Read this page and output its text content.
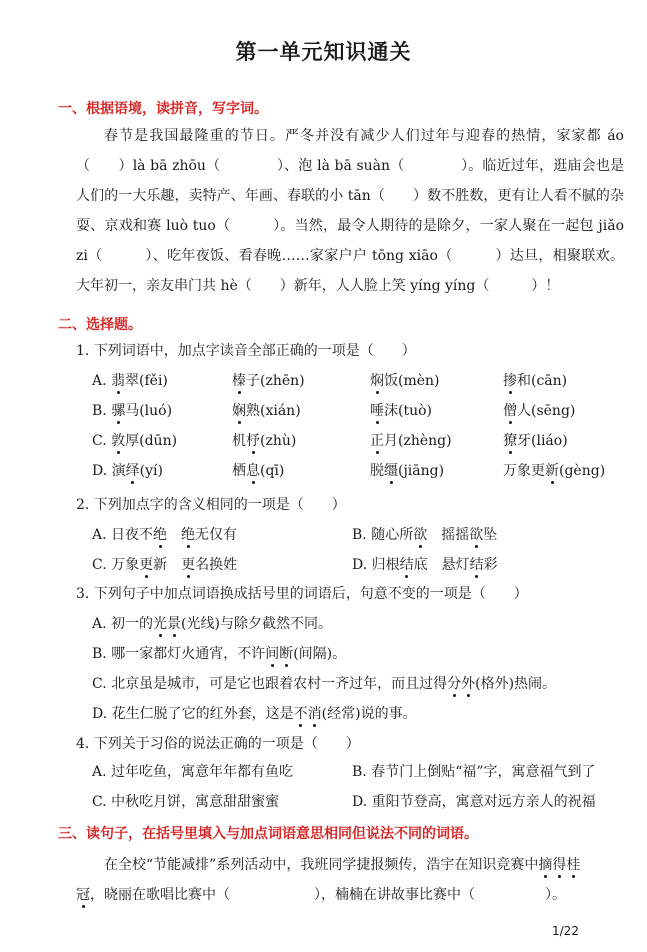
第一单元知识通关
一、根据语境，读拼音，写字词。
春节是我国最隆重的节日。严冬并没有减少人们过年与迎春的热情，家家都 áo（　　）là bā zhōu（　　　　）、泡 là bā suàn（　　　　）。临近过年，逛庙会也是人们的一大乐趣，卖特产、年画、春联的小 tān（　　）数不胜数，更有让人看不腻的杂耍、京戏和赛 luò tuo（　　　）。当然，最令人期待的是除夕，一家人聚在一起包 jiǎo zi（　　　）、吃年夜饭、看春晚……家家户户 tōng xiāo（　　　）达旦，相聚联欢。大年初一，亲友串门共 hè（　　）新年，人人脸上笑 yíng yíng（　　　）！
二、选择题。
1. 下列词语中，加点字读音全部正确的一项是（　　）
A. 翡翠(fěi)	榛子(zhēn)	焖饭(mèn)	掺和(cān)
B. 骡马(luó)	娴熟(xián)	唾沫(tuò)	僧人(sēng)
C. 敦厚(dūn)	机杼(zhù)	正月(zhèng)	獠牙(liáo)
D. 演绎(yí)	栖息(qī)	脱缰(jiāng)	万象更新(gèng)
2. 下列加点字的含义相同的一项是（　　）
A. 日夜不绝　 绝无仅有	B. 随心所欲　 摇摇欲坠
C. 万象更新　更名换姓	D. 归根结底　悬灯结彩
3. 下列句子中加点词语换成括号里的词语后，句意不变的一项是（　　）
A. 初一的光景(光线)与除夕截然不同。
B. 哪一家都灯火通宵，不许间断(间隔)。
C. 北京虽是城市，可是它也跟着农村一齐过年，而且过得分外(格外)热闹。
D. 花生仁脱了它的红外套，这是不消(经常)说的事。
4. 下列关于习俗的说法正确的一项是（　　）
A. 过年吃鱼，寓意年年都有鱼吃	B. 春节门上倒贴“福”字，寓意福气到了
C. 中秋吃月饼，寓意甜甜蜜蜜	D. 重阳节登高，寓意对远方亲人的祝福
三、读句子，在括号里填入与加点词语意思相同但说法不同的词语。
在全校“节能减排”系列活动中，我班同学捷报频传，浩宇在知识竞赛中摘得桂
冠，晓丽在歌唱比赛中（　　　　　　），楠楠在讲故事比赛中（　　　　　）。
1/22
